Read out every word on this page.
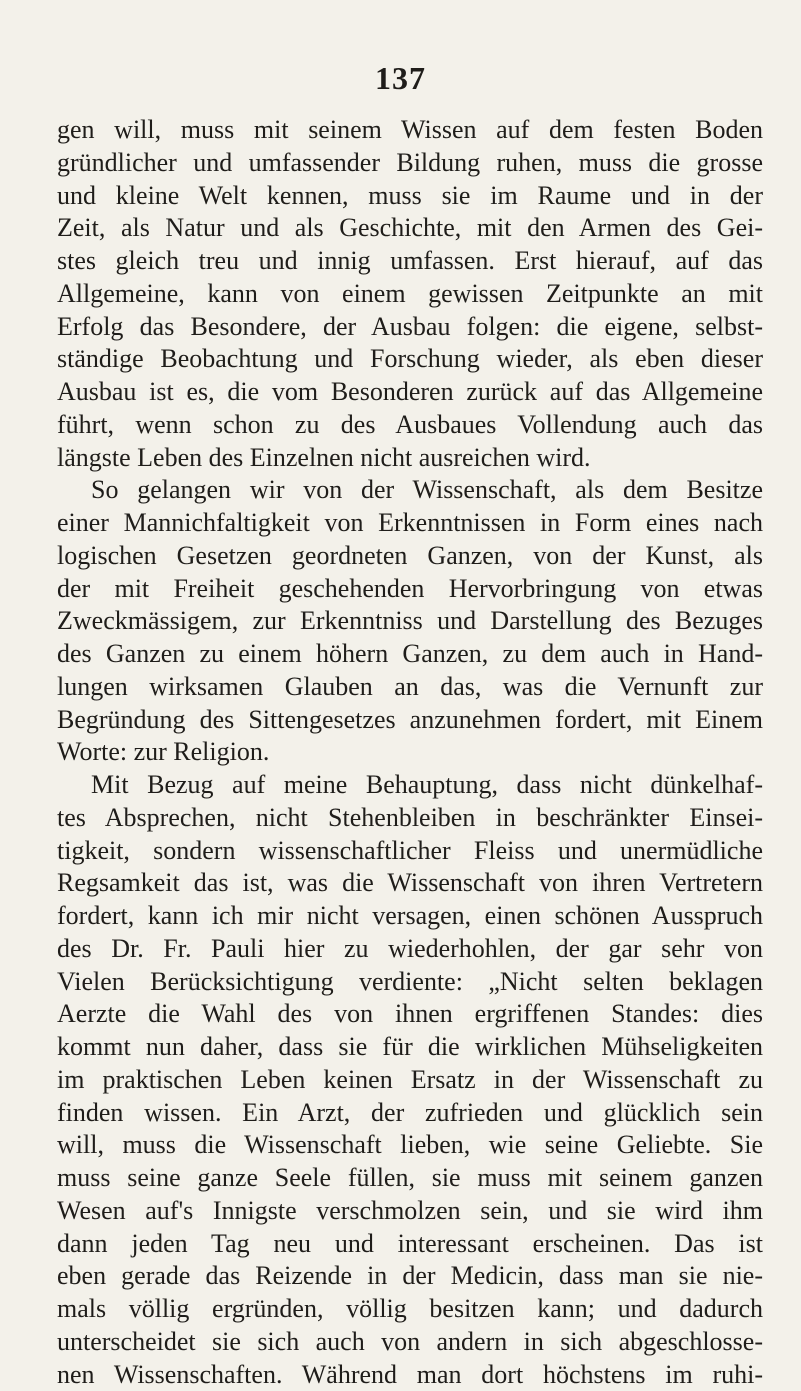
137
gen will, muss mit seinem Wissen auf dem festen Boden
gründlicher und umfassender Bildung ruhen, muss die grosse
und kleine Welt kennen, muss sie im Raume und in der
Zeit, als Natur und als Geschichte, mit den Armen des Gei-
stes gleich treu und innig umfassen. Erst hierauf, auf das
Allgemeine, kann von einem gewissen Zeitpunkte an mit
Erfolg das Besondere, der Ausbau folgen: die eigene, selbst-
ständige Beobachtung und Forschung wieder, als eben dieser
Ausbau ist es, die vom Besonderen zurück auf das Allgemeine
führt, wenn schon zu des Ausbaues Vollendung auch das
längste Leben des Einzelnen nicht ausreichen wird.
So gelangen wir von der Wissenschaft, als dem Besitze
einer Mannichfaltigkeit von Erkenntnissen in Form eines nach
logischen Gesetzen geordneten Ganzen, von der Kunst, als
der mit Freiheit geschehenden Hervorbringung von etwas
Zweckmässigem, zur Erkenntniss und Darstellung des Bezuges
des Ganzen zu einem höhern Ganzen, zu dem auch in Hand-
lungen wirksamen Glauben an das, was die Vernunft zur
Begründung des Sittengesetzes anzunehmen fordert, mit Einem
Worte: zur Religion.
Mit Bezug auf meine Behauptung, dass nicht dünkelhaf-
tes Absprechen, nicht Stehenbleiben in beschränkter Einsei-
tigkeit, sondern wissenschaftlicher Fleiss und unermüdliche
Regsamkeit das ist, was die Wissenschaft von ihren Vertretern
fordert, kann ich mir nicht versagen, einen schönen Ausspruch
des Dr. Fr. Pauli hier zu wiederhohlen, der gar sehr von
Vielen Berücksichtigung verdiente: „Nicht selten beklagen
Aerzte die Wahl des von ihnen ergriffenen Standes: dies
kommt nun daher, dass sie für die wirklichen Mühseligkeiten
im praktischen Leben keinen Ersatz in der Wissenschaft zu
finden wissen. Ein Arzt, der zufrieden und glücklich sein
will, muss die Wissenschaft lieben, wie seine Geliebte. Sie
muss seine ganze Seele füllen, sie muss mit seinem ganzen
Wesen auf's Innigste verschmolzen sein, und sie wird ihm
dann jeden Tag neu und interessant erscheinen. Das ist
eben gerade das Reizende in der Medicin, dass man sie nie-
mals völlig ergründen, völlig besitzen kann; und dadurch
unterscheidet sie sich auch von andern in sich abgeschlosse-
nen Wissenschaften. Während man dort höchstens im ruhi-
